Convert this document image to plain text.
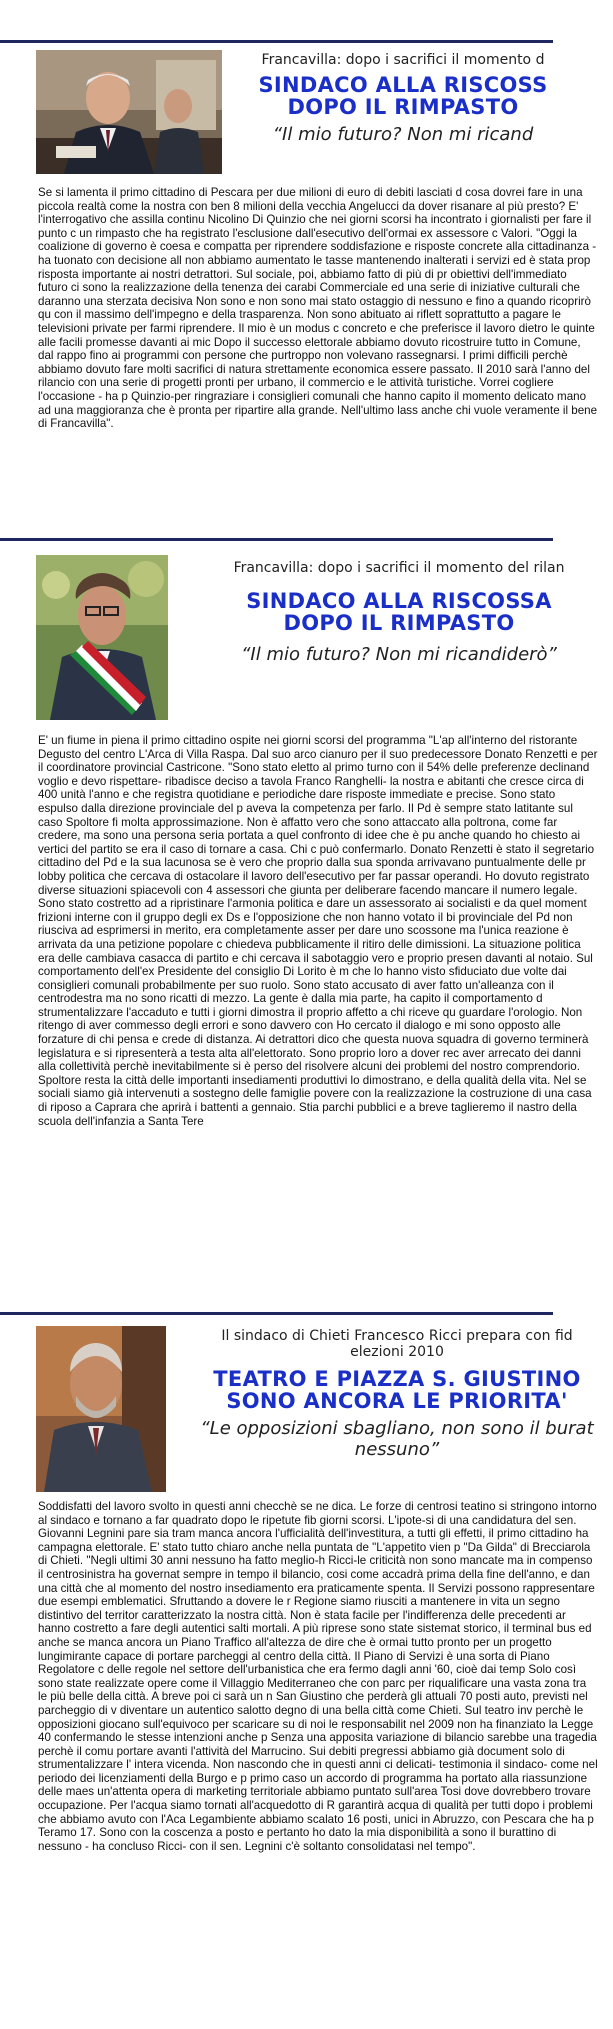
Francavilla: dopo i sacrifici il momento d
SINDACO ALLA RISCOSS
DOPO IL RIMPASTO
“Il mio futuro? Non mi ricand
Se si lamenta il primo cittadino di Pescara per due milioni di euro di debiti lasciati d cosa dovrei fare in una piccola realtà come la nostra con ben 8 milioni della vecchia Angelucci da dover risanare al più presto? E' l'interrogativo che assilla continu Nicolino Di Quinzio che nei giorni scorsi ha incontrato i giornalisti per fare il punto c un rimpasto che ha registrato l'esclusione dall'esecutivo dell'ormai ex assessore c Valori. "Oggi la coalizione di governo è coesa e compatta per riprendere soddisfazione e risposte concrete alla cittadinanza - ha tuonato con decisione all non abbiamo aumentato le tasse mantenendo inalterati i servizi ed è stata prop risposta importante ai nostri detrattori. Sul sociale, poi, abbiamo fatto di più di pr obiettivi dell'immediato futuro ci sono la realizzazione della tenenza dei carabi Commerciale ed una serie di iniziative culturali che daranno una sterzata decisiva Non sono e non sono mai stato ostaggio di nessuno e fino a quando ricoprirò qu con il massimo dell'impegno e della trasparenza. Non sono abituato ai riflett soprattutto a pagare le televisioni private per farmi riprendere. Il mio è un modus c concreto e che preferisce il lavoro dietro le quinte alle facili promesse davanti ai mic Dopo il successo elettorale abbiamo dovuto ricostruire tutto in Comune, dal rappo fino ai programmi con persone che purtroppo non volevano rassegnarsi. I primi difficili perchè abbiamo dovuto fare molti sacrifici di natura strettamente economica essere passato. Il 2010 sarà l'anno del rilancio con una serie di progetti pronti per urbano, il commercio e le attività turistiche. Vorrei cogliere l'occasione - ha p Quinzio-per ringraziare i consiglieri comunali che hanno capito il momento delicato mano ad una maggioranza che è pronta per ripartire alla grande. Nell'ultimo lass anche chi vuole veramente il bene di Francavilla".
Francavilla: dopo i sacrifici il momento del rilan
SINDACO ALLA RISCOSSA
DOPO IL RIMPASTO
“Il mio futuro? Non mi ricandiderò”
E' un fiume in piena il primo cittadino ospite nei giorni scorsi del programma "L'ap all'interno del ristorante Degusto del centro L'Arca di Villa Raspa. Dal suo arco cianuro per il suo predecessore Donato Renzetti e per il coordinatore provincial Castricone. "Sono stato eletto al primo turno con il 54% delle preferenze declinand voglio e devo rispettare- ribadisce deciso a tavola Franco Ranghelli- la nostra e abitanti che cresce circa di 400 unità l'anno e che registra quotidiane e periodiche dare risposte immediate e precise. Sono stato espulso dalla direzione provinciale del p aveva la competenza per farlo. Il Pd è sempre stato latitante sul caso Spoltore fi molta approssimazione. Non è affatto vero che sono attaccato alla poltrona, come far credere, ma sono una persona seria portata a quel confronto di idee che è pu anche quando ho chiesto ai vertici del partito se era il caso di tornare a casa. Chi c può confermarlo. Donato Renzetti è stato il segretario cittadino del Pd e la sua lacunosa se è vero che proprio dalla sua sponda arrivavano puntualmente delle pr lobby politica che cercava di ostacolare il lavoro dell'esecutivo per far passar operandi. Ho dovuto registrato diverse situazioni spiacevoli con 4 assessori che giunta per deliberare facendo mancare il numero legale. Sono stato costretto ad a ripristinare l'armonia politica e dare un assessorato ai socialisti e da quel moment frizioni interne con il gruppo degli ex Ds e l'opposizione che non hanno votato il bi provinciale del Pd non riusciva ad esprimersi in merito, era completamente asser per dare uno scossone ma l'unica reazione è arrivata da una petizione popolare c chiedeva pubblicamente il ritiro delle dimissioni. La situazione politica era delle cambiava casacca di partito e chi cercava il sabotaggio vero e proprio presen davanti al notaio. Sul comportamento dell'ex Presidente del consiglio Di Lorito è m che lo hanno visto sfiduciato due volte dai consiglieri comunali probabilmente per suo ruolo. Sono stato accusato di aver fatto un'alleanza con il centrodestra ma no sono ricatti di mezzo. La gente è dalla mia parte, ha capito il comportamento d strumentalizzare l'accaduto e tutti i giorni dimostra il proprio affetto a chi riceve qu guardare l'orologio. Non ritengo di aver commesso degli errori e sono davvero con Ho cercato il dialogo e mi sono opposto alle forzature di chi pensa e crede di distanza. Ai detrattori dico che questa nuova squadra di governo terminerà legislatura e si ripresenterà a testa alta all'elettorato. Sono proprio loro a dover rec aver arrecato dei danni alla collettività perchè inevitabilmente si è perso del risolvere alcuni dei problemi del nostro comprendorio. Spoltore resta la città delle importanti insediamenti produttivi lo dimostrano, e della qualità della vita. Nel se sociali siamo già intervenuti a sostegno delle famiglie povere con la realizzazione la costruzione di una casa di riposo a Caprara che aprirà i battenti a gennaio. Stia parchi pubblici e a breve taglieremo il nastro della scuola dell'infanzia a Santa Tere
Il sindaco di Chieti Francesco Ricci prepara con fid
elezioni 2010
TEATRO E PIAZZA S. GIUSTINO
SONO ANCORA LE PRIORITA'
“Le opposizioni sbagliano, non sono il burat
nessuno”
Soddisfatti del lavoro svolto in questi anni checchè se ne dica. Le forze di centrosi teatino si stringono intorno al sindaco e tornano a far quadrato dopo le ripetute fib giorni scorsi. L'ipote-si di una candidatura del sen. Giovanni Legnini pare sia tram manca ancora l'ufficialità dell'investitura, a tutti gli effetti, il primo cittadino ha campagna elettorale. E' stato tutto chiaro anche nella puntata de "L'appetito vien p "Da Gilda" di Brecciarola di Chieti. "Negli ultimi 30 anni nessuno ha fatto meglio-h Ricci-le criticità non sono mancate ma in compenso il centrosinistra ha governat sempre in tempo il bilancio, cosi come accadrà prima della fine dell'anno, e dan una città che al momento del nostro insediamento era praticamente spenta. Il Servizi possono rappresentare due esempi emblematici. Sfruttando a dovere le r Regione siamo riusciti a mantenere in vita un segno distintivo del territor caratterizzato la nostra città. Non è stata facile per l'indifferenza delle precedenti ar hanno costretto a fare degli autentici salti mortali. A più riprese sono state sistemat storico, il terminal bus ed anche se manca ancora un Piano Traffico all'altezza de dire che è ormai tutto pronto per un progetto lungimirante capace di portare parcheggi al centro della città. Il Piano di Servizi è una sorta di Piano Regolatore c delle regole nel settore dell'urbanistica che era fermo dagli anni '60, cioè dai temp Solo così sono state realizzate opere come il Villaggio Mediterraneo che con parc per riqualificare una vasta zona tra le più belle della città. A breve poi ci sarà un n San Giustino che perderà gli attuali 70 posti auto, previsti nel parcheggio di v diventare un autentico salotto degno di una bella città come Chieti. Sul teatro inv perchè le opposizioni giocano sull'equivoco per scaricare su di noi le responsabilit nel 2009 non ha finanziato la Legge 40 confermando le stesse intenzioni anche p Senza una apposita variazione di bilancio sarebbe una tragedia perchè il comu portare avanti l'attività del Marrucino. Sui debiti pregressi abbiamo già document solo di strumentalizzare l' intera vicenda. Non nascondo che in questi anni ci delicati- testimonia il sindaco- come nel periodo dei licenziamenti della Burgo e p primo caso un accordo di programma ha portato alla riassunzione delle maes un'attenta opera di marketing territoriale abbiamo puntato sull'area Tosi dove dovrebbero trovare occupazione. Per l'acqua siamo tornati all'acquedotto di R garantirà acqua di qualità per tutti dopo i problemi che abbiamo avuto con l'Aca Legambiente abbiamo scalato 16 posti, unici in Abruzzo, con Pescara che ha p Teramo 17. Sono con la coscenza a posto e pertanto ho dato la mia disponibilità a sono il burattino di nessuno - ha concluso Ricci- con il sen. Legnini c'è soltanto consolidatasi nel tempo".
